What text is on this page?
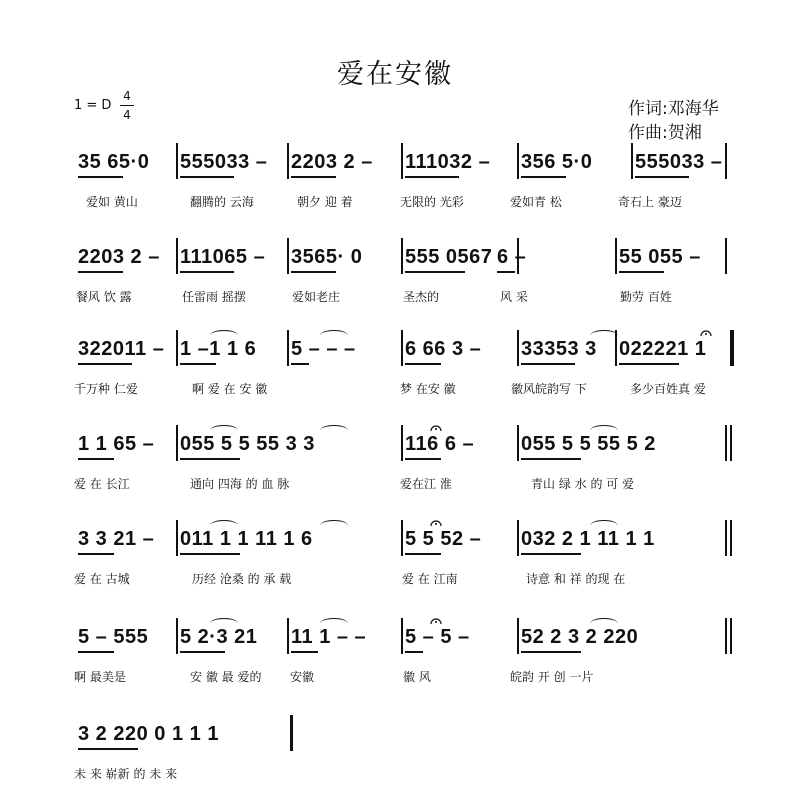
爱在安徽
1 = D
4
4	作词:邓海华
作曲:贺湘
35 65·0 555033 – 2203 2 – 111032 – 356 5·0 555033 –
爱如 黄山	翻腾的 云海	朝夕 迎 着	无限的 光彩	爱如青 松	奇石上 豪迈
2203 2 – 111065 – 3565· 0 555 0567 6 –	55 055 –
餐风 饮 露	任雷雨 摇摆	爱如老庄	圣杰的	风 采	勤劳 百姓
322011 – 1 –1 1 6 5 – – – 6 66 3 – 33353 3 022221 1
千万种 仁爱	啊 爱 在 安 徽	梦 在安 徽	徽风皖韵写 下	多少百姓真 爱
1 1 65 – 055 5 5 55 3 3	116 6 – 055 5 5 55 5 2
爱 在 长江	通向 四海 的 血 脉	爱在江 淮	青山 绿 水 的 可 爱
3 3 21 – 011 1 1 11 1 6	5 5 52 – 032 2 1 11 1 1
爱 在 古城	历经 沧桑 的 承 载	爱 在 江南	诗意 和 祥 的现 在
5 – 555 5 2·3 21 11 1 – – 5 – 5 –	52 2 3 2 220
啊 最美是	安 徽 最 爱的 安徽	徽 风	皖韵 开 创 一片
3 2 220 0 1 1 1
未 来 崭新 的 未 来
